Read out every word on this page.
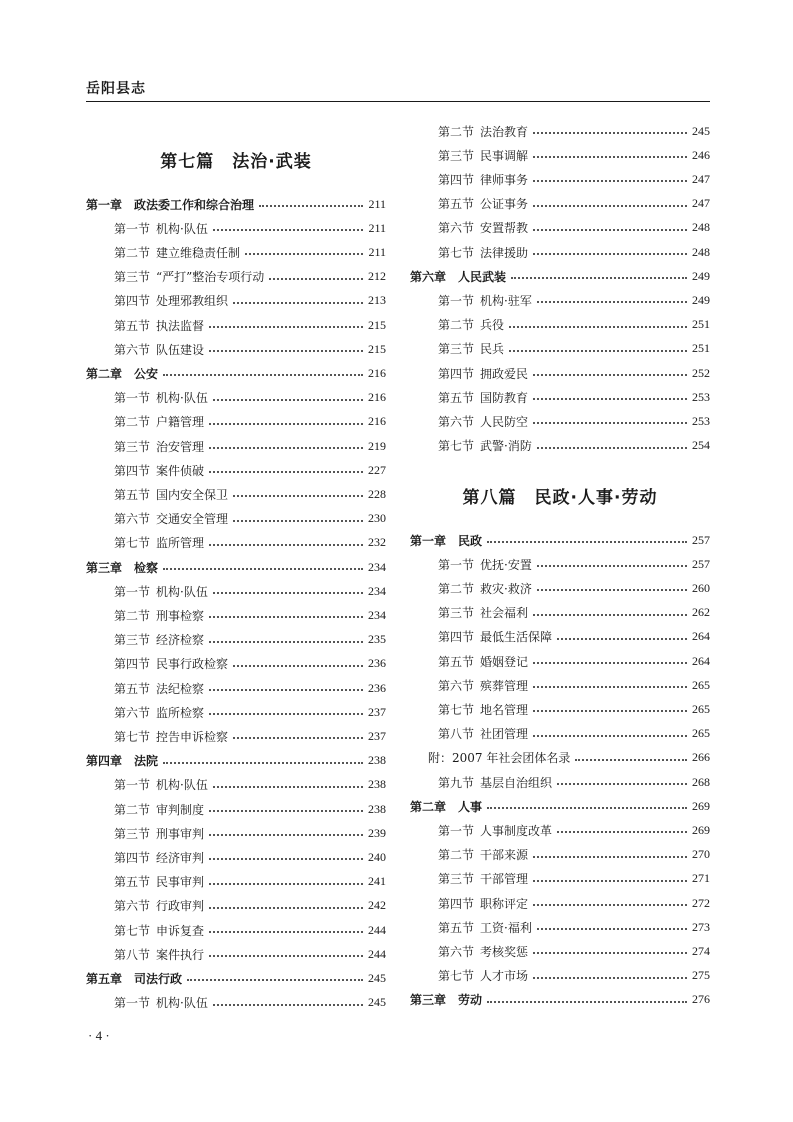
岳阳县志
第七篇　法治·武装
第一章  政法委工作和综合治理	211
第一节  机构·队伍	211
第二节  建立维稳责任制	211
第三节  “严打”整治专项行动	212
第四节  处理邪教组织	213
第五节  执法监督	215
第六节  队伍建设	215
第二章  公安	216
第一节  机构·队伍	216
第二节  户籍管理	216
第三节  治安管理	219
第四节  案件侦破	227
第五节  国内安全保卫	228
第六节  交通安全管理	230
第七节  监所管理	232
第三章  检察	234
第一节  机构·队伍	234
第二节  刑事检察	234
第三节  经济检察	235
第四节  民事行政检察	236
第五节  法纪检察	236
第六节  监所检察	237
第七节  控告申诉检察	237
第四章  法院	238
第一节  机构·队伍	238
第二节  审判制度	238
第三节  刑事审判	239
第四节  经济审判	240
第五节  民事审判	241
第六节  行政审判	242
第七节  申诉复查	244
第八节  案件执行	244
第五章  司法行政	245
第一节  机构·队伍	245
第八篇　民政·人事·劳动
第二节  法治教育	245
第三节  民事调解	246
第四节  律师事务	247
第五节  公证事务	247
第六节  安置帮教	248
第七节  法律援助	248
第六章  人民武装	249
第一节  机构·驻军	249
第二节  兵役	251
第三节  民兵	251
第四节  拥政爱民	252
第五节  国防教育	253
第六节  人民防空	253
第七节  武警·消防	254
第一章  民政	257
第一节  优抚·安置	257
第二节  救灾·救济	260
第三节  社会福利	262
第四节  最低生活保障	264
第五节  婚姻登记	264
第六节  殡葬管理	265
第七节  地名管理	265
第八节  社团管理	265
附：2007 年社会团体名录	266
第九节  基层自治组织	268
第二章  人事	269
第一节  人事制度改革	269
第二节  干部来源	270
第三节  干部管理	271
第四节  职称评定	272
第五节  工资·福利	273
第六节  考核奖惩	274
第七节  人才市场	275
第三章  劳动	276
· 4 ·
